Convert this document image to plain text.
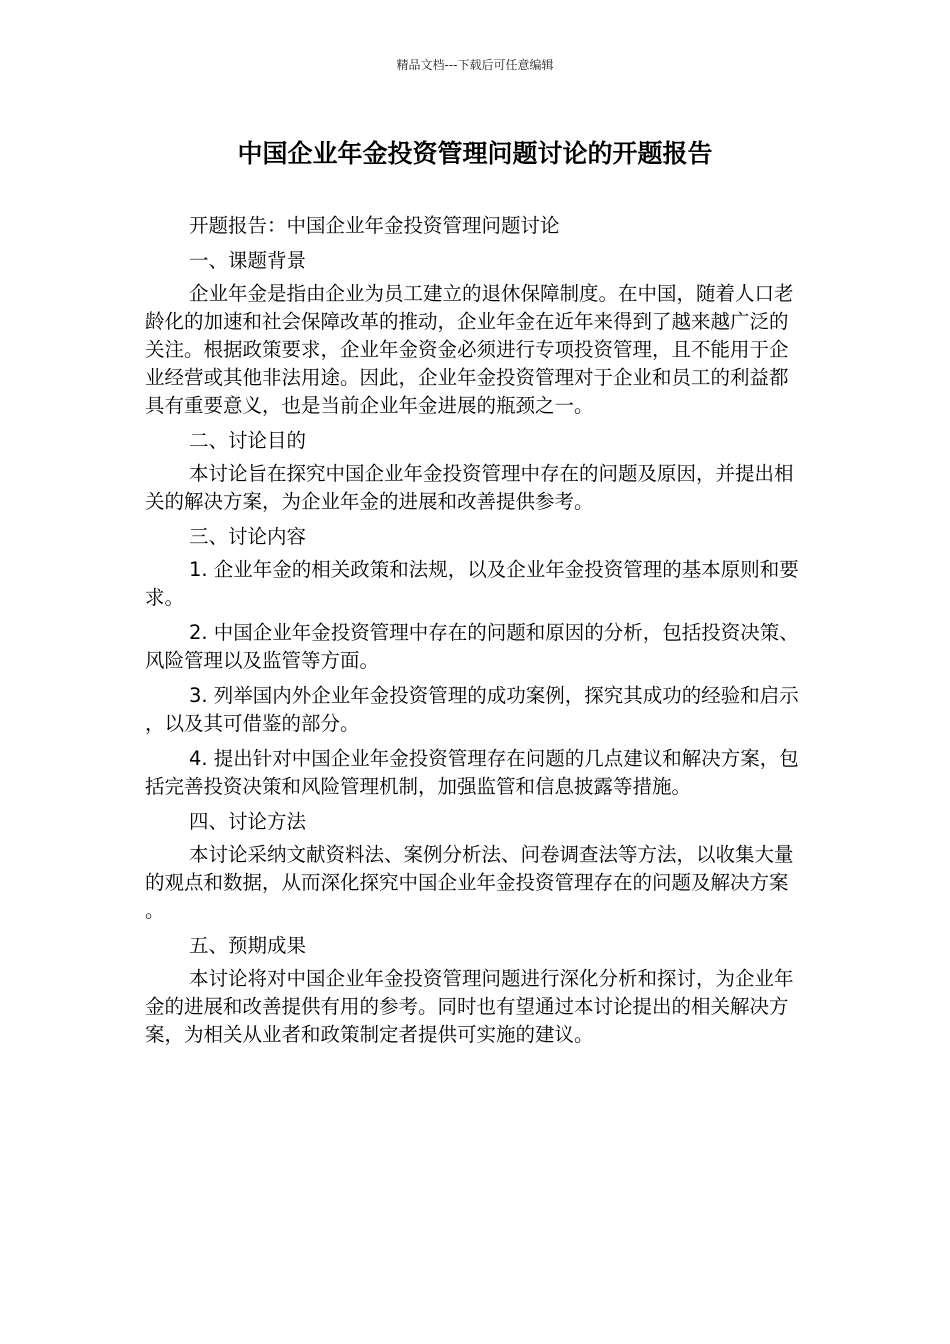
精品文档---下载后可任意编辑
中国企业年金投资管理问题讨论的开题报告

开题报告：中国企业年金投资管理问题讨论

一、课题背景

企业年金是指由企业为员工建立的退休保障制度。在中国，随着人口老龄化的加速和社会保障改革的推动，企业年金在近年来得到了越来越广泛的关注。根据政策要求，企业年金资金必须进行专项投资管理，且不能用于企业经营或其他非法用途。因此，企业年金投资管理对于企业和员工的利益都具有重要意义，也是当前企业年金进展的瓶颈之一。

二、讨论目的

本讨论旨在探究中国企业年金投资管理中存在的问题及原因，并提出相关的解决方案，为企业年金的进展和改善提供参考。

三、讨论内容

1. 企业年金的相关政策和法规，以及企业年金投资管理的基本原则和要求。

2. 中国企业年金投资管理中存在的问题和原因的分析，包括投资决策、风险管理以及监管等方面。

3. 列举国内外企业年金投资管理的成功案例，探究其成功的经验和启示，以及其可借鉴的部分。

4. 提出针对中国企业年金投资管理存在问题的几点建议和解决方案，包括完善投资决策和风险管理机制，加强监管和信息披露等措施。

四、讨论方法

本讨论采纳文献资料法、案例分析法、问卷调查法等方法，以收集大量的观点和数据，从而深化探究中国企业年金投资管理存在的问题及解决方案。

五、预期成果

本讨论将对中国企业年金投资管理问题进行深化分析和探讨，为企业年金的进展和改善提供有用的参考。同时也有望通过本讨论提出的相关解决方案，为相关从业者和政策制定者提供可实施的建议。
